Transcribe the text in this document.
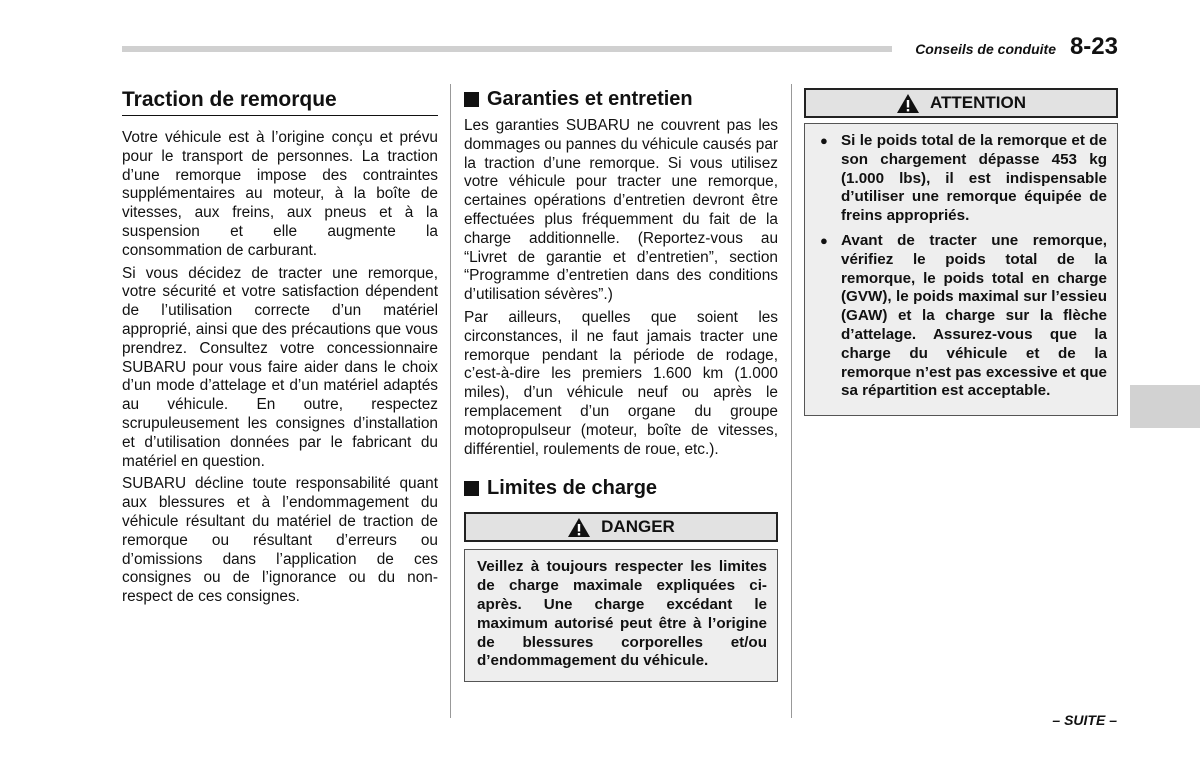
Conseils de conduite 8-23
Traction de remorque

Votre véhicule est à l’origine conçu et prévu pour le transport de personnes. La traction d’une remorque impose des contraintes supplémentaires au moteur, à la boîte de vitesses, aux freins, aux pneus et à la suspension et elle augmente la consommation de carburant.

Si vous décidez de tracter une remorque, votre sécurité et votre satisfaction dépendent de l’utilisation correcte d’un matériel approprié, ainsi que des précautions que vous prendrez. Consultez votre concessionnaire SUBARU pour vous faire aider dans le choix d’un mode d’attelage et d’un matériel adaptés au véhicule. En outre, respectez scrupuleusement les consignes d’installation et d’utilisation données par le fabricant du matériel en question.

SUBARU décline toute responsabilité quant aux blessures et à l’endommagement du véhicule résultant du matériel de traction de remorque ou résultant d’erreurs ou d’omissions dans l’application de ces consignes ou de l’ignorance ou du non-respect de ces consignes.

Garanties et entretien

Les garanties SUBARU ne couvrent pas les dommages ou pannes du véhicule causés par la traction d’une remorque. Si vous utilisez votre véhicule pour tracter une remorque, certaines opérations d’entretien devront être effectuées plus fréquemment du fait de la charge additionnelle. (Reportez-vous au “Livret de garantie et d’entretien”, section “Programme d’entretien dans des conditions d’utilisation sévères”.)

Par ailleurs, quelles que soient les circonstances, il ne faut jamais tracter une remorque pendant la période de rodage, c’est-à-dire les premiers 1.600 km (1.000 miles), d’un véhicule neuf ou après le remplacement d’un organe du groupe motopropulseur (moteur, boîte de vitesses, différentiel, roulements de roue, etc.).

Limites de charge
DANGER
Veillez à toujours respecter les limites de charge maximale expliquées ci-après. Une charge excédant le maximum autorisé peut être à l’origine de blessures corporelles et/ou d’endommagement du véhicule.
ATTENTION
● Si le poids total de la remorque et de son chargement dépasse 453 kg (1.000 lbs), il est indispensable d’utiliser une remorque équipée de freins appropriés.
● Avant de tracter une remorque, vérifiez le poids total de la remorque, le poids total en charge (GVW), le poids maximal sur l’essieu (GAW) et la charge sur la flèche d’attelage. Assurez-vous que la charge du véhicule et de la remorque n’est pas excessive et que sa répartition est acceptable.
– SUITE –
